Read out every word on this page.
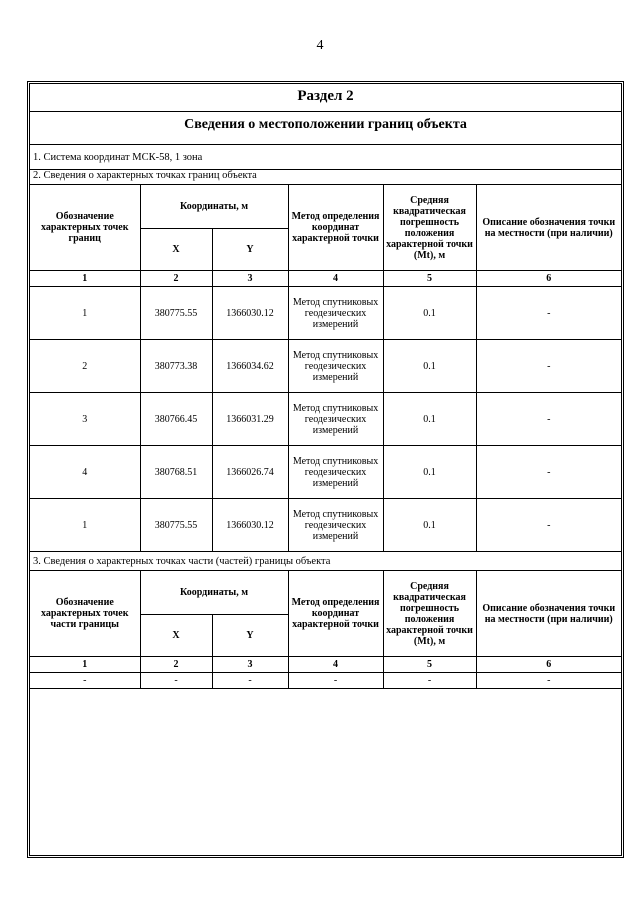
4
Раздел 2
Сведения о местоположении границ объекта
1. Система координат МСК-58, 1 зона
2. Сведения о характерных точках границ объекта
Обозначение характерных точек границ	Координаты, м		Метод определения координат характерной точки	Средняя квадратическая погрешность положения характерной точки (Mt), м	Описание обозначения точки на местности (при наличии)
	X	Y			
1	2	3	4	5	6
1	380775.55	1366030.12	Метод спутниковых геодезических измерений	0.1	-
2	380773.38	1366034.62	Метод спутниковых геодезических измерений	0.1	-
3	380766.45	1366031.29	Метод спутниковых геодезических измерений	0.1	-
4	380768.51	1366026.74	Метод спутниковых геодезических измерений	0.1	-
1	380775.55	1366030.12	Метод спутниковых геодезических измерений	0.1	-
3. Сведения о характерных точках части (частей) границы объекта
Обозначение характерных точек части границы	Координаты, м		Метод определения координат характерной точки	Средняя квадратическая погрешность положения характерной точки (Mt), м	Описание обозначения точки на местности (при наличии)
	X	Y			
1	2	3	4	5	6
-	-	-	-	-	-
